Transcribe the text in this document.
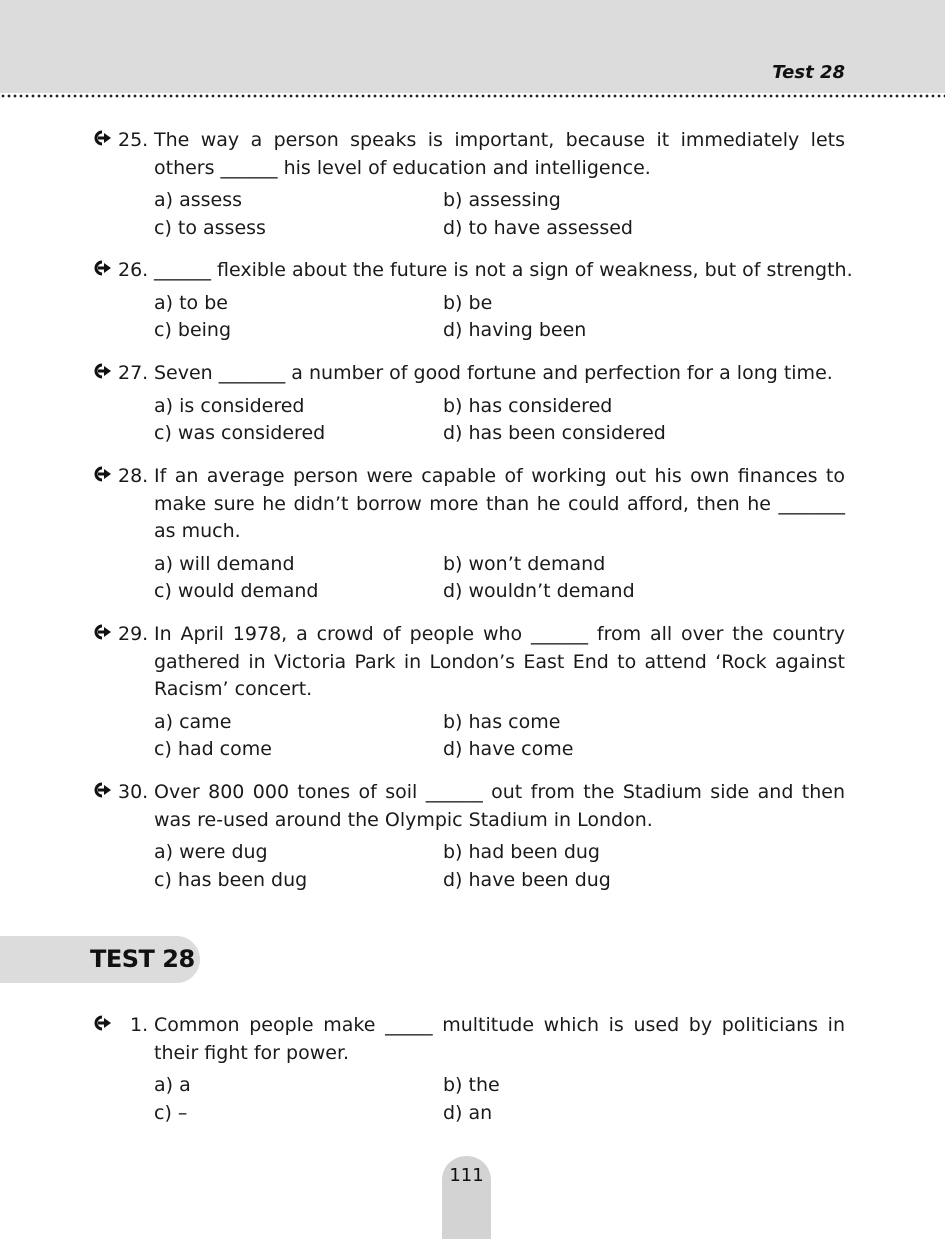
Test 28
25. The way a person speaks is important, because it immediately lets others ______ his level of education and intelligence.
a) assess	b) assessing
c) to assess	d) to have assessed
26. ______ flexible about the future is not a sign of weakness, but of strength.
a) to be	b) be
c) being	d) having been
27. Seven _______ a number of good fortune and perfection for a long time.
a) is considered	b) has considered
c) was considered	d) has been considered
28. If an average person were capable of working out his own finances to make sure he didn’t borrow more than he could afford, then he _______ as much.
a) will demand	b) won’t demand
c) would demand	d) wouldn’t demand
29. In April 1978, a crowd of people who ______ from all over the country gathered in Victoria Park in London’s East End to attend ‘Rock against Racism’ concert.
a) came	b) has come
c) had come	d) have come
30. Over 800 000 tones of soil ______ out from the Stadium side and then was re-used around the Olympic Stadium in London.
a) were dug	b) had been dug
c) has been dug	d) have been dug
TEST 28
1. Common people make _____ multitude which is used by politicians in their fight for power.
a) a	b) the
c) –	d) an
111
